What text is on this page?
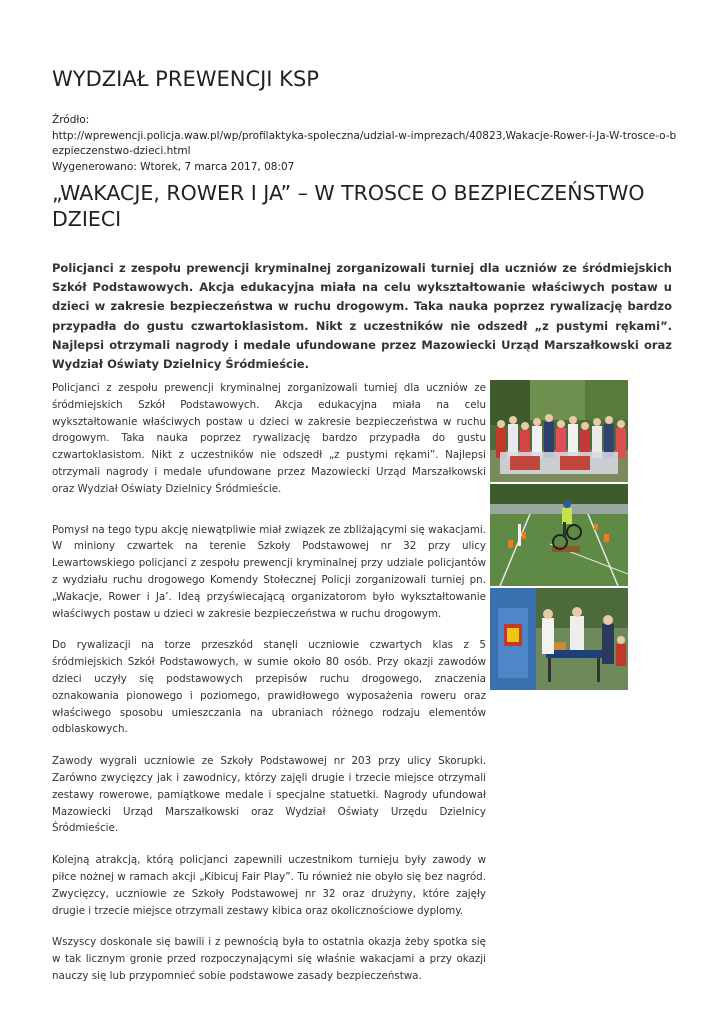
WYDZIAŁ PREWENCJI KSP
Źródło:
http://wprewencji.policja.waw.pl/wp/profilaktyka-spoleczna/udzial-w-imprezach/40823,Wakacje-Rower-i-Ja-W-trosce-o-bezpieczenstwo-dzieci.html
Wygenerowano: Wtorek, 7 marca 2017, 08:07
„WAKACJE, ROWER I JA” – W TROSCE O BEZPIECZEŃSTWO DZIECI

Policjanci z zespołu prewencji kryminalnej zorganizowali turniej dla uczniów ze śródmiejskich Szkół Podstawowych. Akcja edukacyjna miała na celu wykształtowanie właściwych postaw u dzieci w zakresie bezpieczeństwa w ruchu drogowym. Taka nauka poprzez rywalizację bardzo przypadła do gustu czwartoklasistom. Nikt z uczestników nie odszedł „z pustymi rękami”. Najlepsi otrzymali nagrody i medale ufundowane przez Mazowiecki Urząd Marszałkowski oraz Wydział Oświaty Dzielnicy Śródmieście.

Policjanci z zespołu prewencji kryminalnej zorganizowali turniej dla uczniów ze śródmiejskich Szkół Podstawowych. Akcja edukacyjna miała na celu wykształtowanie właściwych postaw u dzieci w zakresie bezpieczeństwa w ruchu drogowym. Taka nauka poprzez rywalizację bardzo przypadła do gustu czwartoklasistom. Nikt z uczestników nie odszedł „z pustymi rękami”. Najlepsi otrzymali nagrody i medale ufundowane przez Mazowiecki Urząd Marszałkowski oraz Wydział Oświaty Dzielnicy Śródmieście.

Pomysł na tego typu akcję niewątpliwie miał związek ze zbliżającymi się wakacjami. W miniony czwartek na terenie Szkoły Podstawowej nr 32 przy ulicy Lewartowskiego policjanci z zespołu prewencji kryminalnej przy udziale policjantów z wydziału ruchu drogowego Komendy Stołecznej Policji zorganizowali turniej pn. „Wakacje, Rower i Ja’. Ideą przyświecającą organizatorom było wykształtowanie właściwych postaw u dzieci w zakresie bezpieczeństwa w ruchu drogowym.

Do rywalizacji na torze przeszkód stanęli uczniowie czwartych klas z 5 śródmiejskich Szkół Podstawowych, w sumie około 80 osób. Przy okazji zawodów dzieci uczyły się podstawowych przepisów ruchu drogowego, znaczenia oznakowania pionowego i poziomego, prawidłowego wyposażenia roweru oraz właściwego sposobu umieszczania na ubraniach różnego rodzaju elementów odblaskowych.

Zawody wygrali uczniowie ze Szkoły Podstawowej nr 203 przy ulicy Skorupki. Zarówno zwycięzcy jak i zawodnicy, którzy zajęli drugie i trzecie miejsce otrzymali zestawy rowerowe, pamiątkowe medale i specjalne statuetki. Nagrody ufundował Mazowiecki Urząd Marszałkowski oraz Wydział Oświaty Urzędu Dzielnicy Śródmieście.

Kolejną atrakcją, którą policjanci zapewnili uczestnikom turnieju były zawody w piłce nożnej w ramach akcji „Kibicuj Fair Play”. Tu również nie obyło się bez nagród. Zwycięzcy, uczniowie ze Szkoły Podstawowej nr 32 oraz drużyny, które zajęły drugie i trzecie miejsce otrzymali zestawy kibica oraz okolicznościowe dyplomy.

Wszyscy doskonale się bawili i z pewnością była to ostatnia okazja żeby spotka się w tak licznym gronie przed rozpoczynającymi się właśnie wakacjami a przy okazji nauczy się lub przypomnieć sobie podstawowe zasady bezpieczeństwa.
